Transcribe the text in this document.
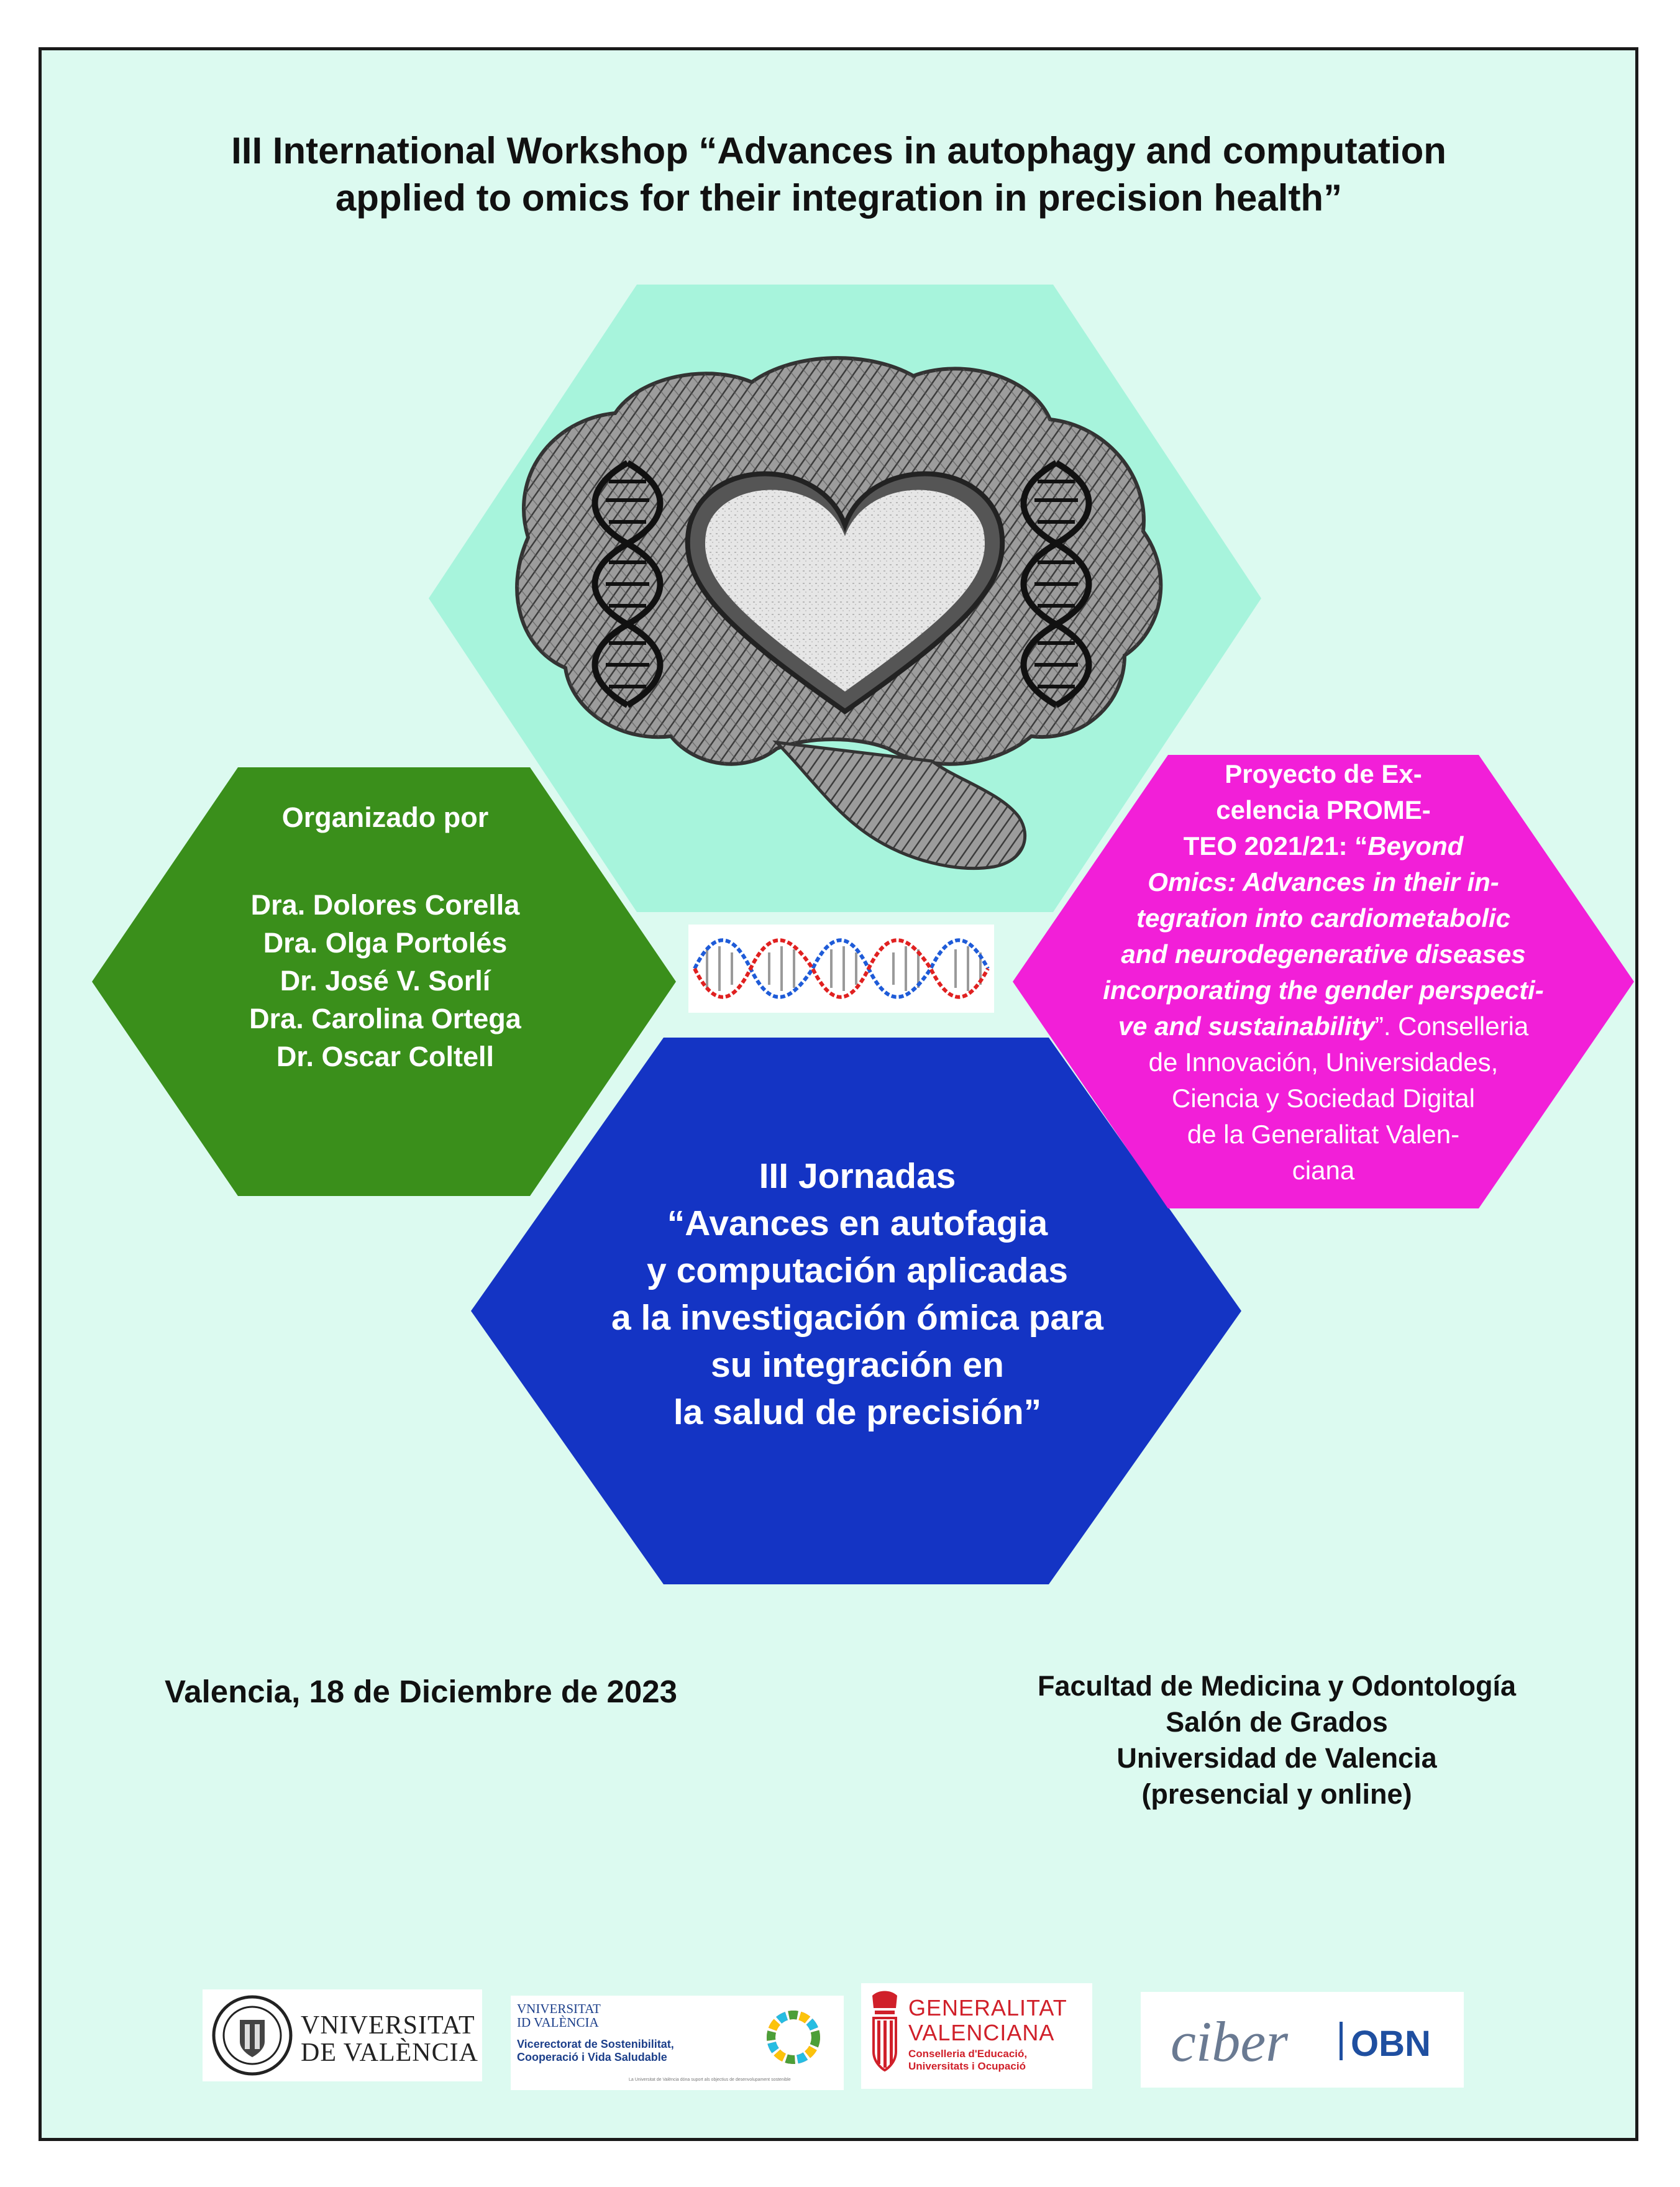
III International Workshop “Advances in autophagy and computation
applied to omics for their integration in precision health”
Organizado por
Dra. Dolores Corella
Dra. Olga Portolés
Dr. José V. Sorlí
Dra. Carolina Ortega
Dr. Oscar Coltell
Proyecto de Ex-
celencia PROME-
TEO 2021/21: “Beyond
Omics: Advances in their in-
tegration into cardiometabolic
and neurodegenerative diseases
incorporating the gender perspecti-
ve and sustainability”. Conselleria
de Innovación, Universidades,
Ciencia y Sociedad Digital
de la Generalitat Valen-
ciana
III Jornadas
“Avances en autofagia
y computación aplicadas
a la investigación ómica para
su integración en
la salud de precisión”
Valencia, 18 de Diciembre de 2023	Facultad de Medicina y Odontología
Salón de Grados
Universidad de Valencia
(presencial y online)
VNIVERSITAT
DE VALÈNCIA
VNIVERSITAT
ID VALÈNCIA
Vicerectorat de Sostenibilitat,
Cooperació i Vida Saludable
La Universitat de València dóna suport als objectius de desenvolupament sostenible
GENERALITAT
VALENCIANA
Conselleria d'Educació,
Universitats i Ocupació	ciber OBN
